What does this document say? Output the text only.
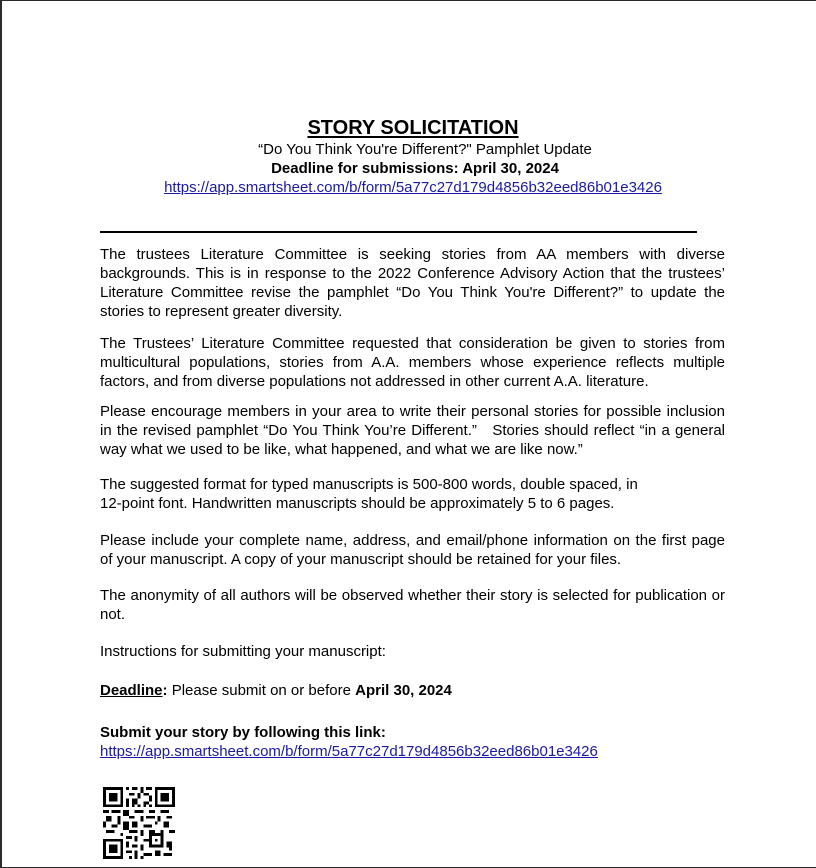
STORY SOLICITATION
“Do You Think You're Different?" Pamphlet Update
Deadline for submissions: April 30, 2024
https://app.smartsheet.com/b/form/5a77c27d179d4856b32eed86b01e3426

The trustees Literature Committee is seeking stories from AA members with diverse backgrounds. This is in response to the 2022 Conference Advisory Action that the trustees’ Literature Committee revise the pamphlet “Do You Think You're Different?” to update the stories to represent greater diversity.

The Trustees’ Literature Committee requested that consideration be given to stories from multicultural populations, stories from A.A. members whose experience reflects multiple factors, and from diverse populations not addressed in other current A.A. literature.

Please encourage members in your area to write their personal stories for possible inclusion in the revised pamphlet “Do You Think You’re Different.”   Stories should reflect “in a general way what we used to be like, what happened, and what we are like now.”

The suggested format for typed manuscripts is 500-800 words, double spaced, in
12-point font. Handwritten manuscripts should be approximately 5 to 6 pages.

Please include your complete name, address, and email/phone information on the first page of your manuscript. A copy of your manuscript should be retained for your files.

The anonymity of all authors will be observed whether their story is selected for publication or not.

Instructions for submitting your manuscript:

Deadline: Please submit on or before April 30, 2024
Submit your story by following this link:
https://app.smartsheet.com/b/form/5a77c27d179d4856b32eed86b01e3426
